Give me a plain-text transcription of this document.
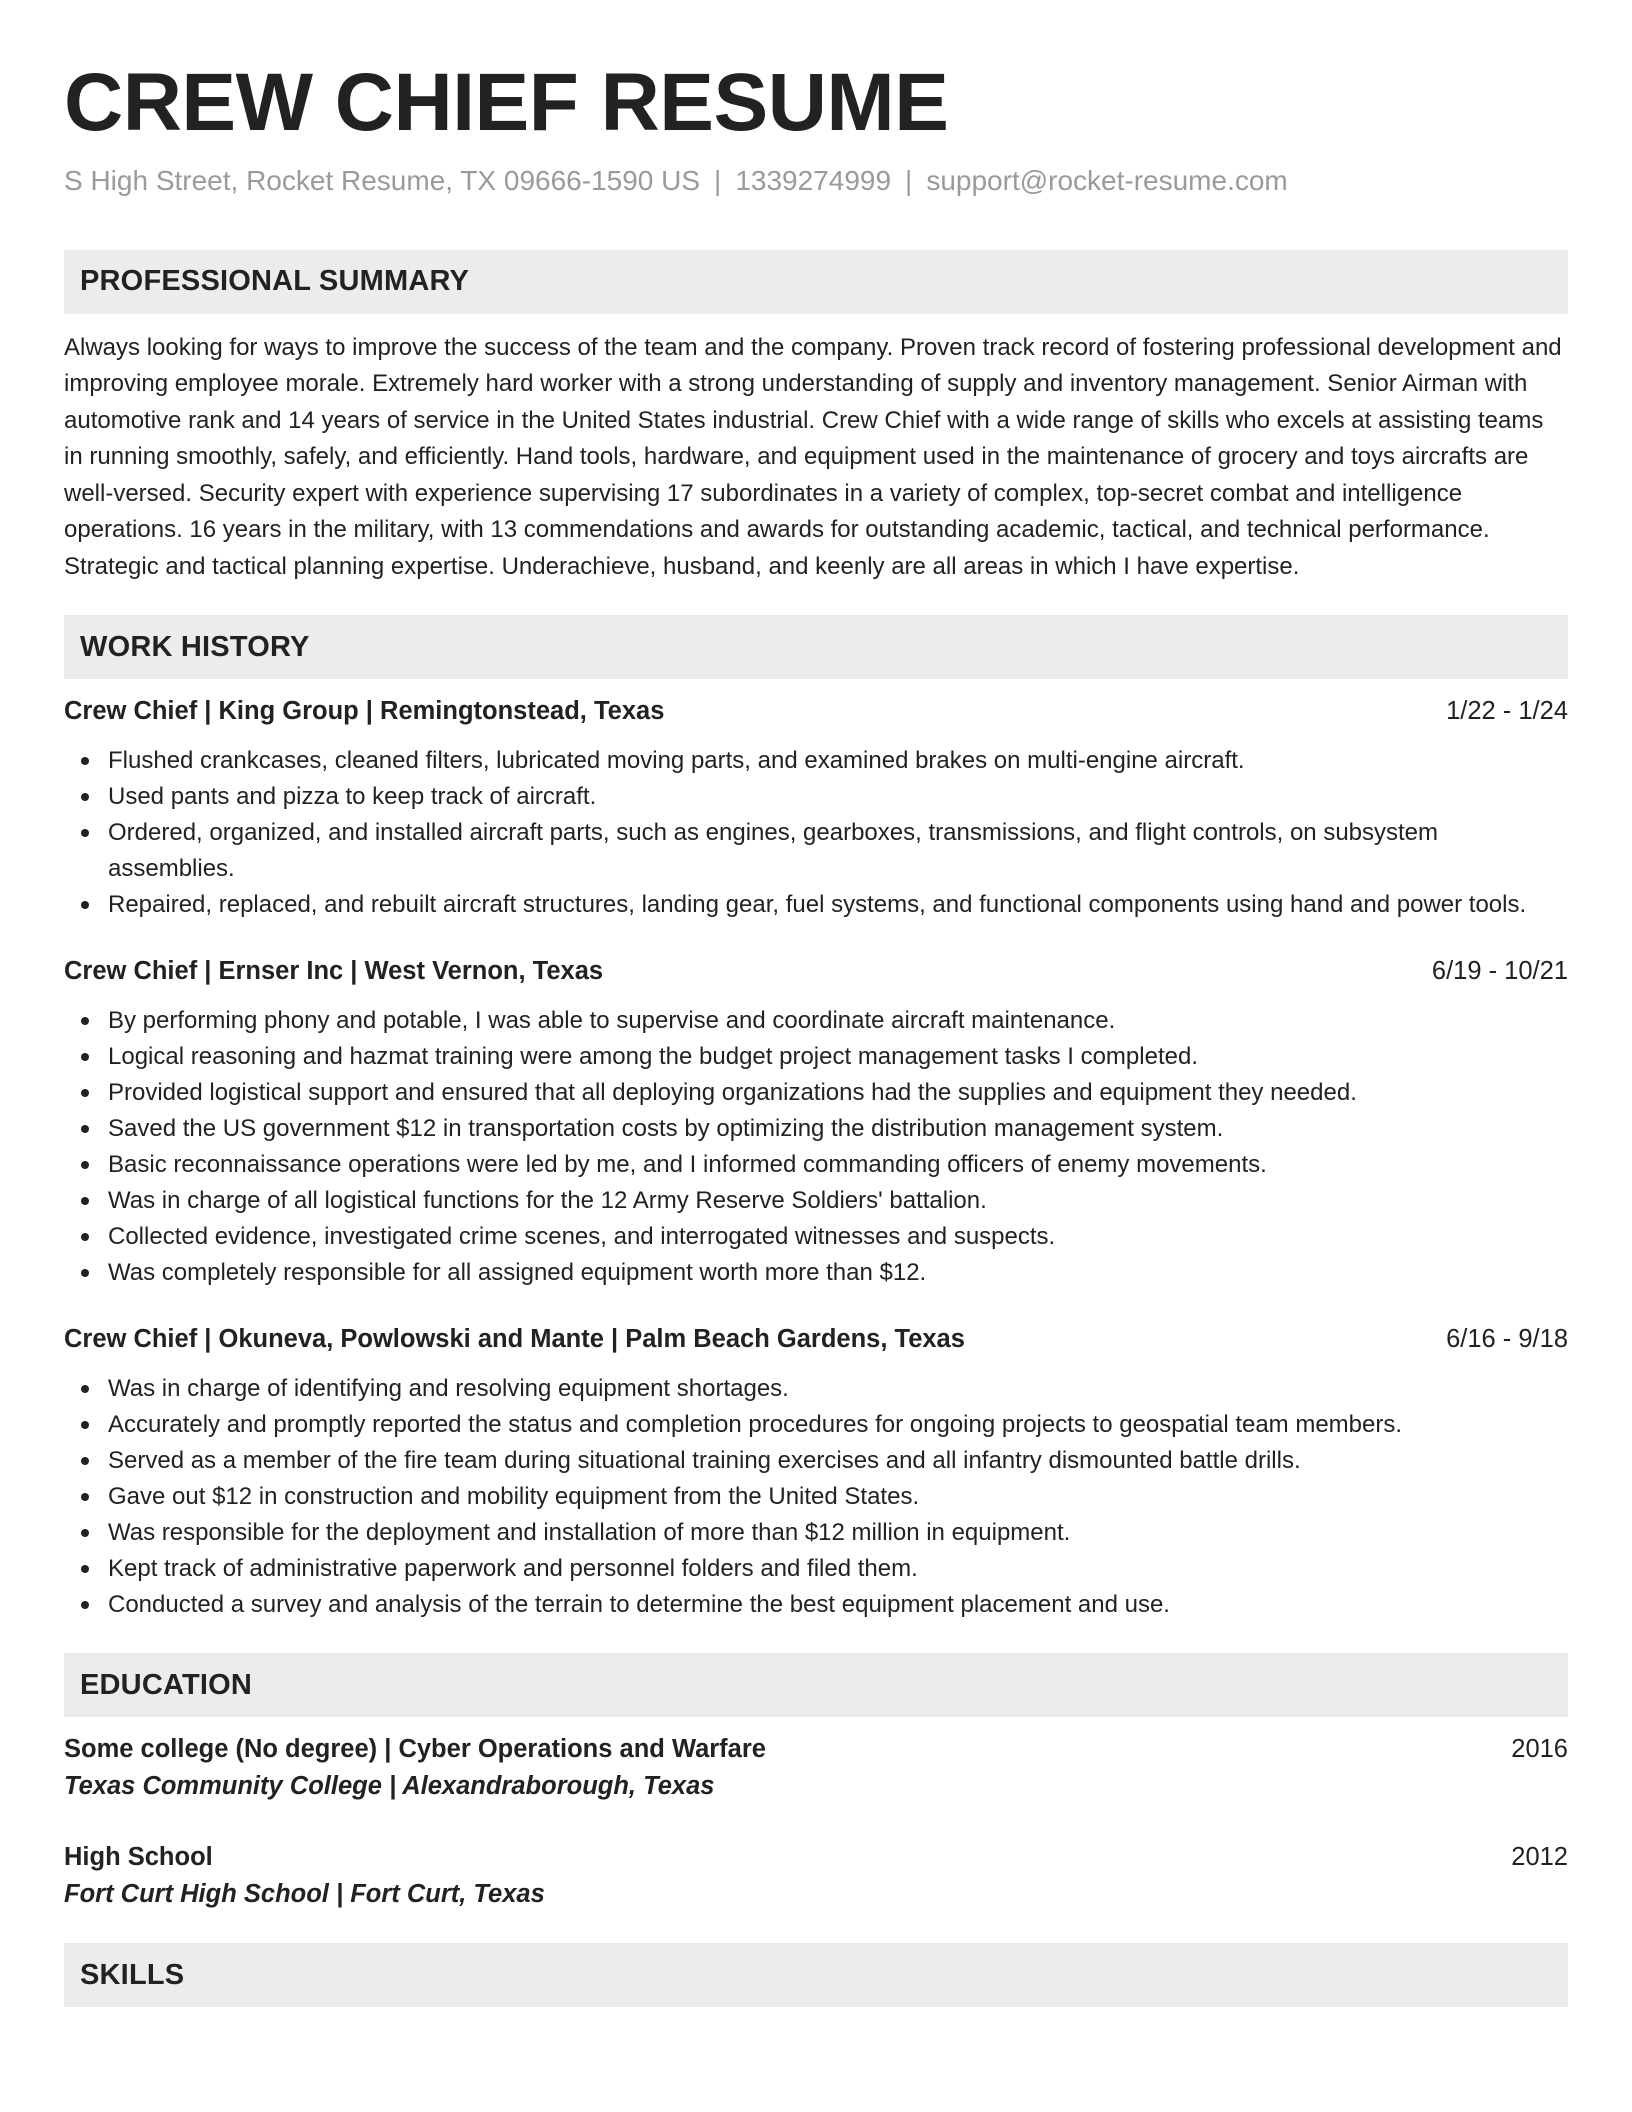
CREW CHIEF RESUME
S High Street, Rocket Resume, TX 09666-1590 US | 1339274999 | support@rocket-resume.com
PROFESSIONAL SUMMARY

Always looking for ways to improve the success of the team and the company. Proven track record of fostering professional development and improving employee morale. Extremely hard worker with a strong understanding of supply and inventory management. Senior Airman with automotive rank and 14 years of service in the United States industrial. Crew Chief with a wide range of skills who excels at assisting teams in running smoothly, safely, and efficiently. Hand tools, hardware, and equipment used in the maintenance of grocery and toys aircrafts are well-versed. Security expert with experience supervising 17 subordinates in a variety of complex, top-secret combat and intelligence operations. 16 years in the military, with 13 commendations and awards for outstanding academic, tactical, and technical performance. Strategic and tactical planning expertise. Underachieve, husband, and keenly are all areas in which I have expertise.

WORK HISTORY
Crew Chief | King Group | Remingtonstead, Texas	1/22 - 1/24
Flushed crankcases, cleaned filters, lubricated moving parts, and examined brakes on multi-engine aircraft.
Used pants and pizza to keep track of aircraft.
Ordered, organized, and installed aircraft parts, such as engines, gearboxes, transmissions, and flight controls, on subsystem assemblies.
Repaired, replaced, and rebuilt aircraft structures, landing gear, fuel systems, and functional components using hand and power tools.
Crew Chief | Ernser Inc | West Vernon, Texas	6/19 - 10/21
By performing phony and potable, I was able to supervise and coordinate aircraft maintenance.
Logical reasoning and hazmat training were among the budget project management tasks I completed.
Provided logistical support and ensured that all deploying organizations had the supplies and equipment they needed.
Saved the US government $12 in transportation costs by optimizing the distribution management system.
Basic reconnaissance operations were led by me, and I informed commanding officers of enemy movements.
Was in charge of all logistical functions for the 12 Army Reserve Soldiers' battalion.
Collected evidence, investigated crime scenes, and interrogated witnesses and suspects.
Was completely responsible for all assigned equipment worth more than $12.
Crew Chief | Okuneva, Powlowski and Mante | Palm Beach Gardens, Texas	6/16 - 9/18
Was in charge of identifying and resolving equipment shortages.
Accurately and promptly reported the status and completion procedures for ongoing projects to geospatial team members.
Served as a member of the fire team during situational training exercises and all infantry dismounted battle drills.
Gave out $12 in construction and mobility equipment from the United States.
Was responsible for the deployment and installation of more than $12 million in equipment.
Kept track of administrative paperwork and personnel folders and filed them.
Conducted a survey and analysis of the terrain to determine the best equipment placement and use.
EDUCATION
Some college (No degree) | Cyber Operations and Warfare	2016
Texas Community College | Alexandraborough, Texas
High School	2012
Fort Curt High School | Fort Curt, Texas
SKILLS
